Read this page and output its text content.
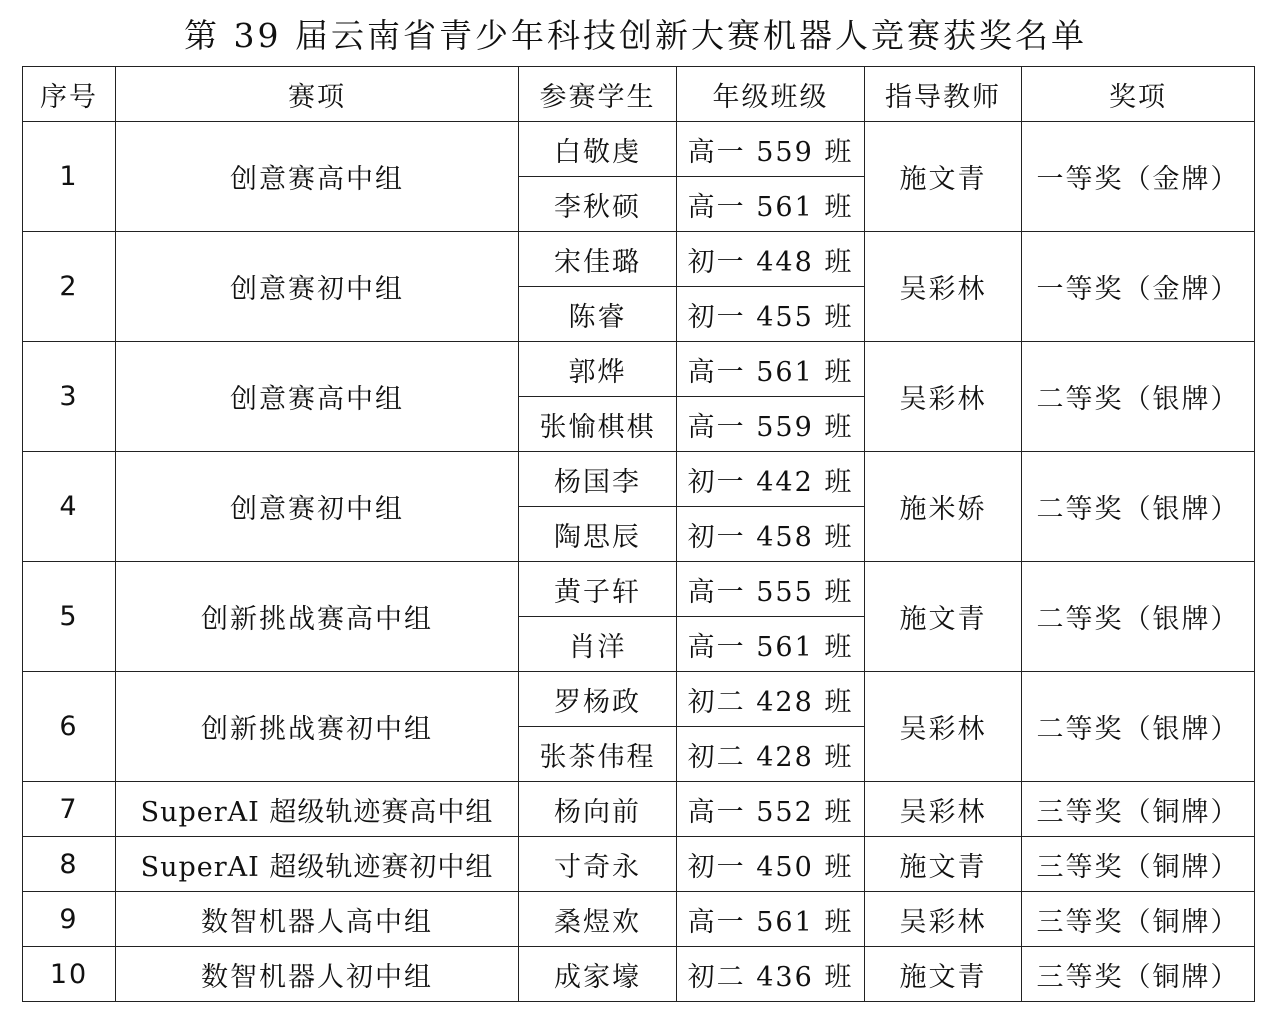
第 39 届云南省青少年科技创新大赛机器人竞赛获奖名单
序号	赛项	参赛学生	年级班级	指导教师	奖项
1	创意赛高中组	白敬虔	高一 559 班	施文青	一等奖（金牌）
		李秋硕	高一 561 班		
2	创意赛初中组	宋佳璐	初一 448 班	吴彩林	一等奖（金牌）
		陈睿	初一 455 班		
3	创意赛高中组	郭烨	高一 561 班	吴彩林	二等奖（银牌）
		张愉棋棋	高一 559 班		
4	创意赛初中组	杨国李	初一 442 班	施米娇	二等奖（银牌）
		陶思辰	初一 458 班		
5	创新挑战赛高中组	黄子轩	高一 555 班	施文青	二等奖（银牌）
		肖洋	高一 561 班		
6	创新挑战赛初中组	罗杨政	初二 428 班	吴彩林	二等奖（银牌）
		张茶伟程	初二 428 班		
7	SuperAI 超级轨迹赛高中组	杨向前	高一 552 班	吴彩林	三等奖（铜牌）
8	SuperAI 超级轨迹赛初中组	寸奇永	初一 450 班	施文青	三等奖（铜牌）
9	数智机器人高中组	桑煜欢	高一 561 班	吴彩林	三等奖（铜牌）
10	数智机器人初中组	成家壕	初二 436 班	施文青	三等奖（铜牌）
